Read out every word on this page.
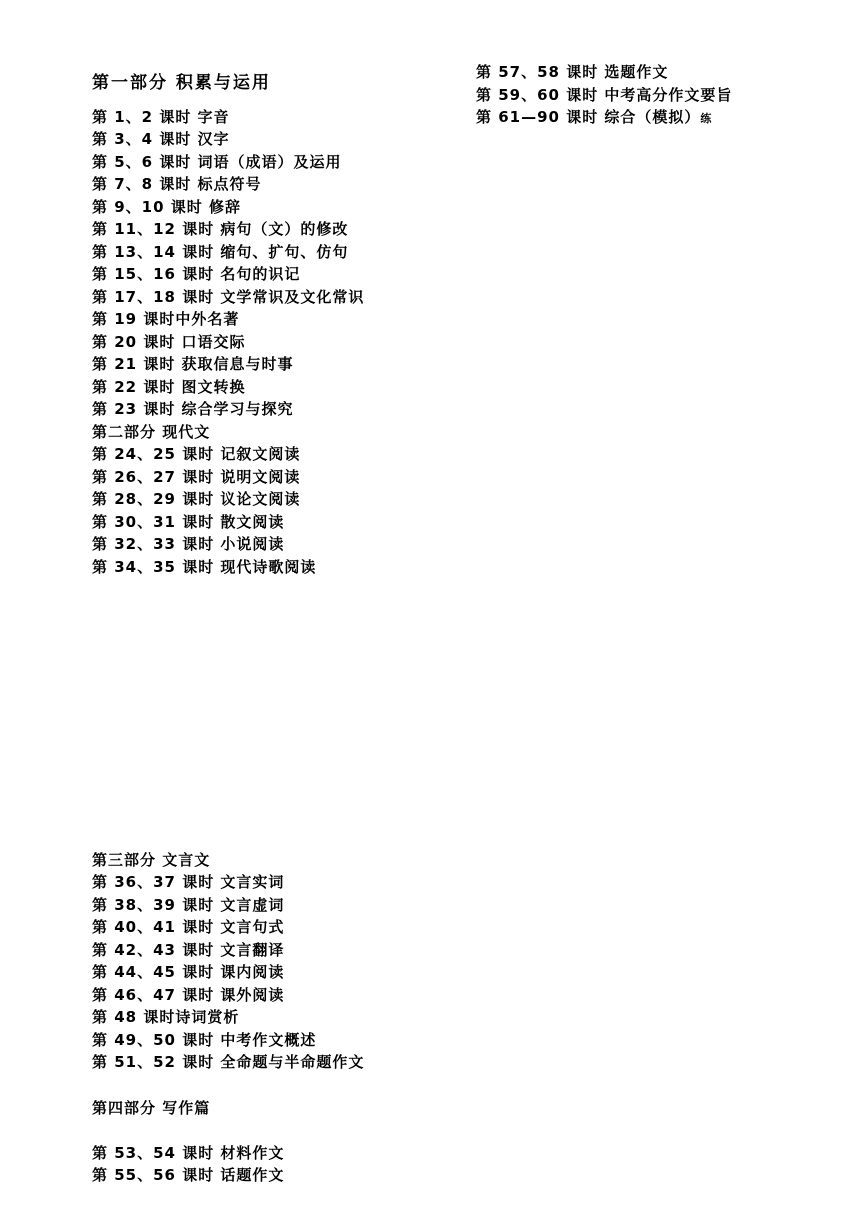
第一部分 积累与运用
第 1、2 课时 字音
第 3、4 课时 汉字
第 5、6 课时 词语（成语）及运用
第 7、8 课时 标点符号
第 9、10 课时 修辞
第 11、12 课时 病句（文）的修改
第 13、14 课时 缩句、扩句、仿句
第 15、16 课时 名句的识记
第 17、18 课时 文学常识及文化常识
第 19 课时中外名著
第 20 课时 口语交际
第 21 课时 获取信息与时事
第 22 课时 图文转换
第 23 课时 综合学习与探究
第二部分 现代文
第 24、25 课时 记叙文阅读
第 26、27 课时 说明文阅读
第 28、29 课时 议论文阅读
第 30、31 课时 散文阅读
第 32、33 课时 小说阅读
第 34、35 课时 现代诗歌阅读
第三部分 文言文
第 36、37 课时 文言实词
第 38、39 课时 文言虚词
第 40、41 课时 文言句式
第 42、43 课时 文言翻译
第 44、45 课时 课内阅读
第 46、47 课时 课外阅读
第 48 课时诗词赏析
第 49、50 课时 中考作文概述
第 51、52 课时 全命题与半命题作文
第四部分 写作篇
第 53、54 课时 材料作文
第 55、56 课时 话题作文
第 57、58 课时 选题作文
第 59、60 课时 中考高分作文要旨
第 61—90 课时 综合（模拟）练
